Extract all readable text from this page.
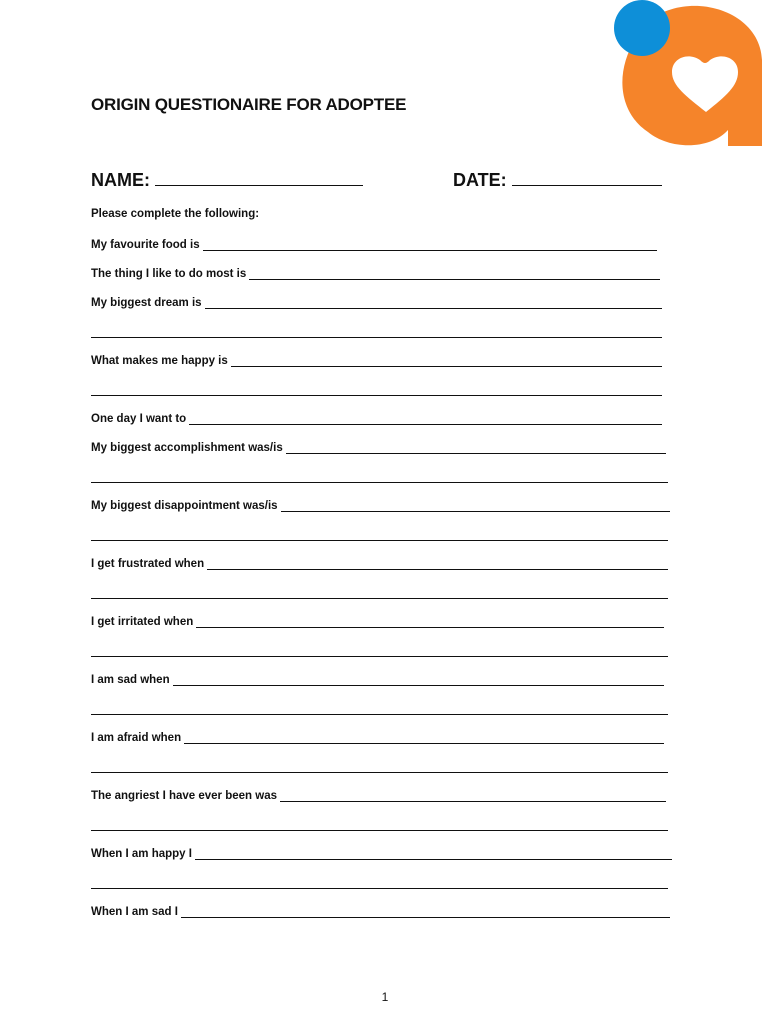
ORIGIN QUESTIONAIRE FOR ADOPTEE
NAME:	DATE:
Please complete the following:
My favourite food is
The thing I like to do most is
My biggest dream is
What makes me happy is
One day I want to
My biggest accomplishment was/is
My biggest disappointment was/is
I get frustrated when
I get irritated when
I am sad when
I am afraid when
The angriest I have ever been was
When I am happy I
When I am sad I
1
